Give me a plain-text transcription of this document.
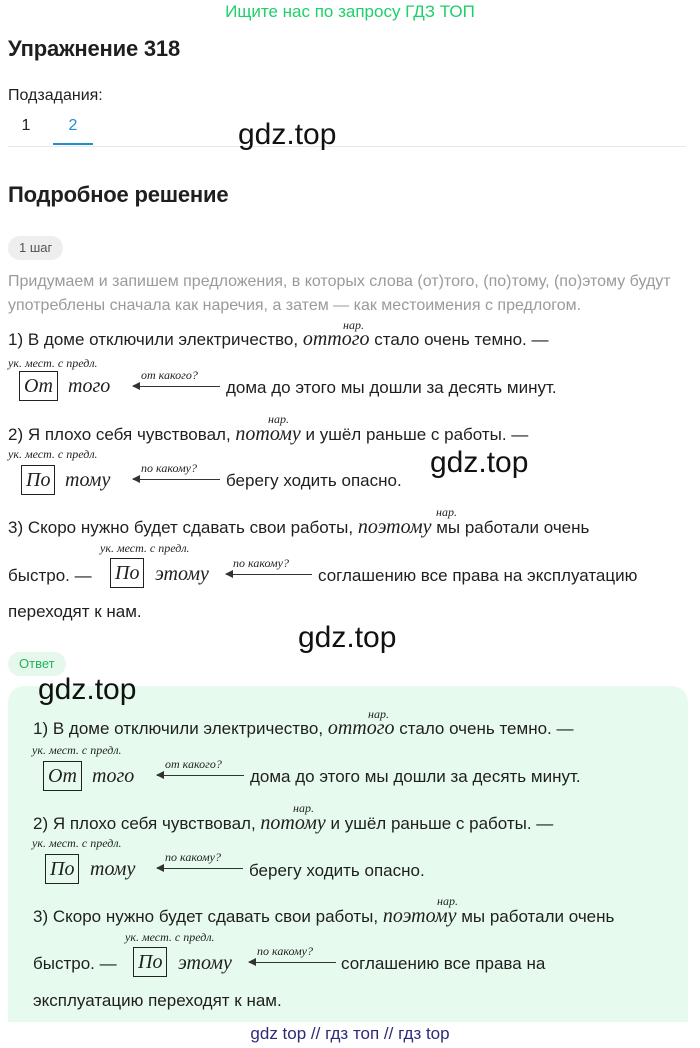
Ищите нас по запросу ГДЗ ТОП
Упражнение 318
Подзадания:
1	2	gdz.top
Подробное решение
1 шаг
Придумаем и запишем предложения, в которых слова (от)того, (по)тому, (по)этому будут употреблены сначала как наречия, а затем — как местоимения с предлогом.
нар.
1) В доме отключили электричество, оттого стало очень темно. —
ук. мест. с предл.
От того	от какого?
дома до этого мы дошли за десять минут.
нар.
2) Я плохо себя чувствовал, потому и ушёл раньше с работы. —
ук. мест. с предл.
По тому
по какому?
берегу ходить опасно.
gdz.top
нар.
3) Скоро нужно будет сдавать свои работы, поэтому мы работали очень
ук. мест. с предл.
быстро. — По этому по какому?
соглашению все права на эксплуатацию
переходят к нам.
gdz.top
Ответ
gdz.top
нар.
1) В доме отключили электричество, оттого стало очень темно. —
ук. мест. с предл.
От того
от какого?
дома до этого мы дошли за десять минут.
нар.
2) Я плохо себя чувствовал, потому и ушёл раньше с работы. —
ук. мест. с предл.
По тому
по какому?
берегу ходить опасно.
нар.
3) Скоро нужно будет сдавать свои работы, поэтому мы работали очень
ук. мест. с предл.
быстро. — По этому
по какому?
соглашению все права на
эксплуатацию переходят к нам.
gdz top // гдз топ // гдз top
